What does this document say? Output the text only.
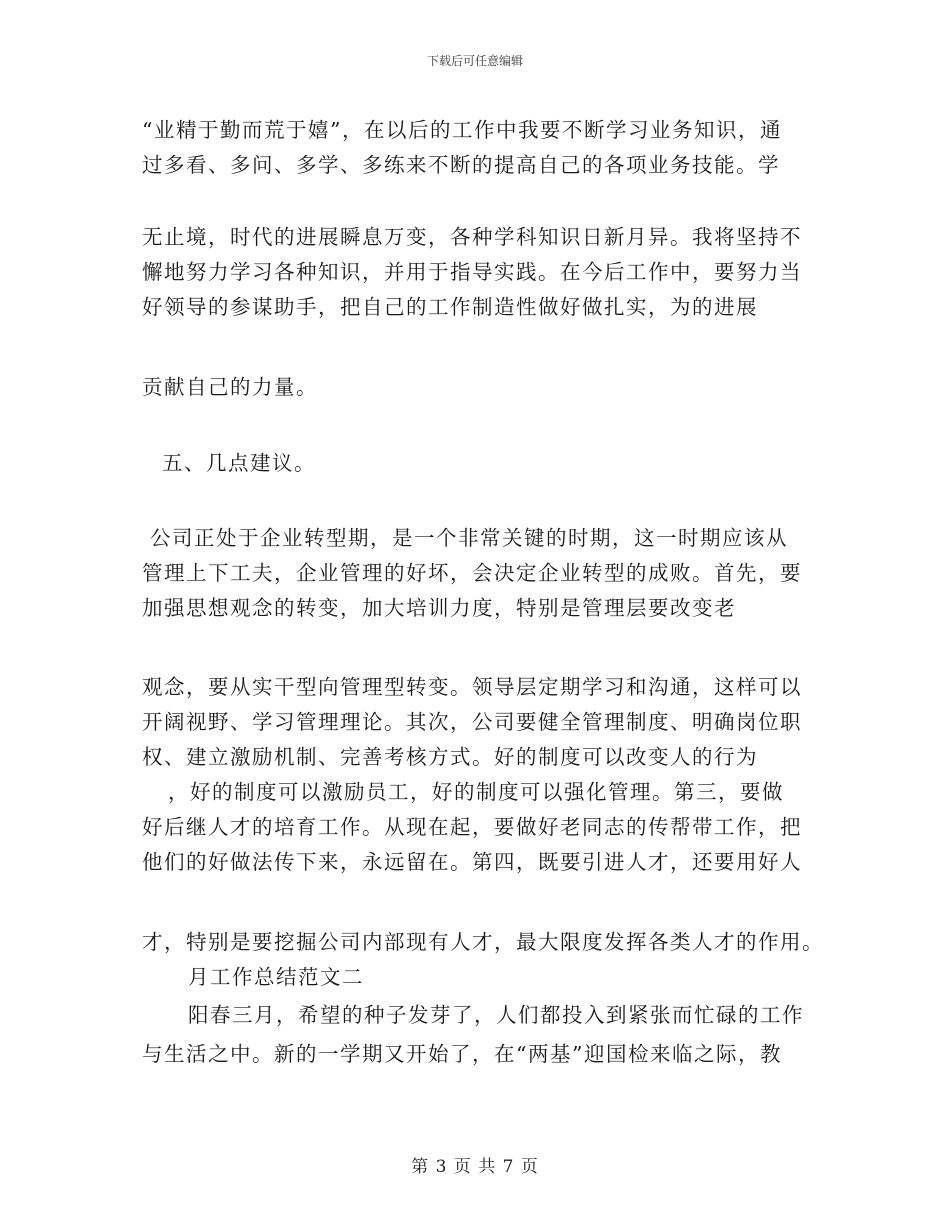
下载后可任意编辑
“业精于勤而荒于嬉”，在以后的工作中我要不断学习业务知识，通
过多看、多问、多学、多练来不断的提高自己的各项业务技能。学
无止境，时代的进展瞬息万变，各种学科知识日新月异。我将坚持不
懈地努力学习各种知识，并用于指导实践。在今后工作中，要努力当
好领导的参谋助手，把自己的工作制造性做好做扎实，为的进展
贡献自己的力量。
五、几点建议。
公司正处于企业转型期，是一个非常关键的时期，这一时期应该从
管理上下工夫，企业管理的好坏，会决定企业转型的成败。首先，要
加强思想观念的转变，加大培训力度，特别是管理层要改变老
观念，要从实干型向管理型转变。领导层定期学习和沟通，这样可以
开阔视野、学习管理理论。其次，公司要健全管理制度、明确岗位职
权、建立激励机制、完善考核方式。好的制度可以改变人的行为
，好的制度可以激励员工，好的制度可以强化管理。第三，要做
好后继人才的培育工作。从现在起，要做好老同志的传帮带工作，把
他们的好做法传下来，永远留在。第四，既要引进人才，还要用好人
才，特别是要挖掘公司内部现有人才，最大限度发挥各类人才的作用。
月工作总结范文二
阳春三月，希望的种子发芽了，人们都投入到紧张而忙碌的工作
与生活之中。新的一学期又开始了，在“两基”迎国检来临之际，教
第 3 页 共 7 页
